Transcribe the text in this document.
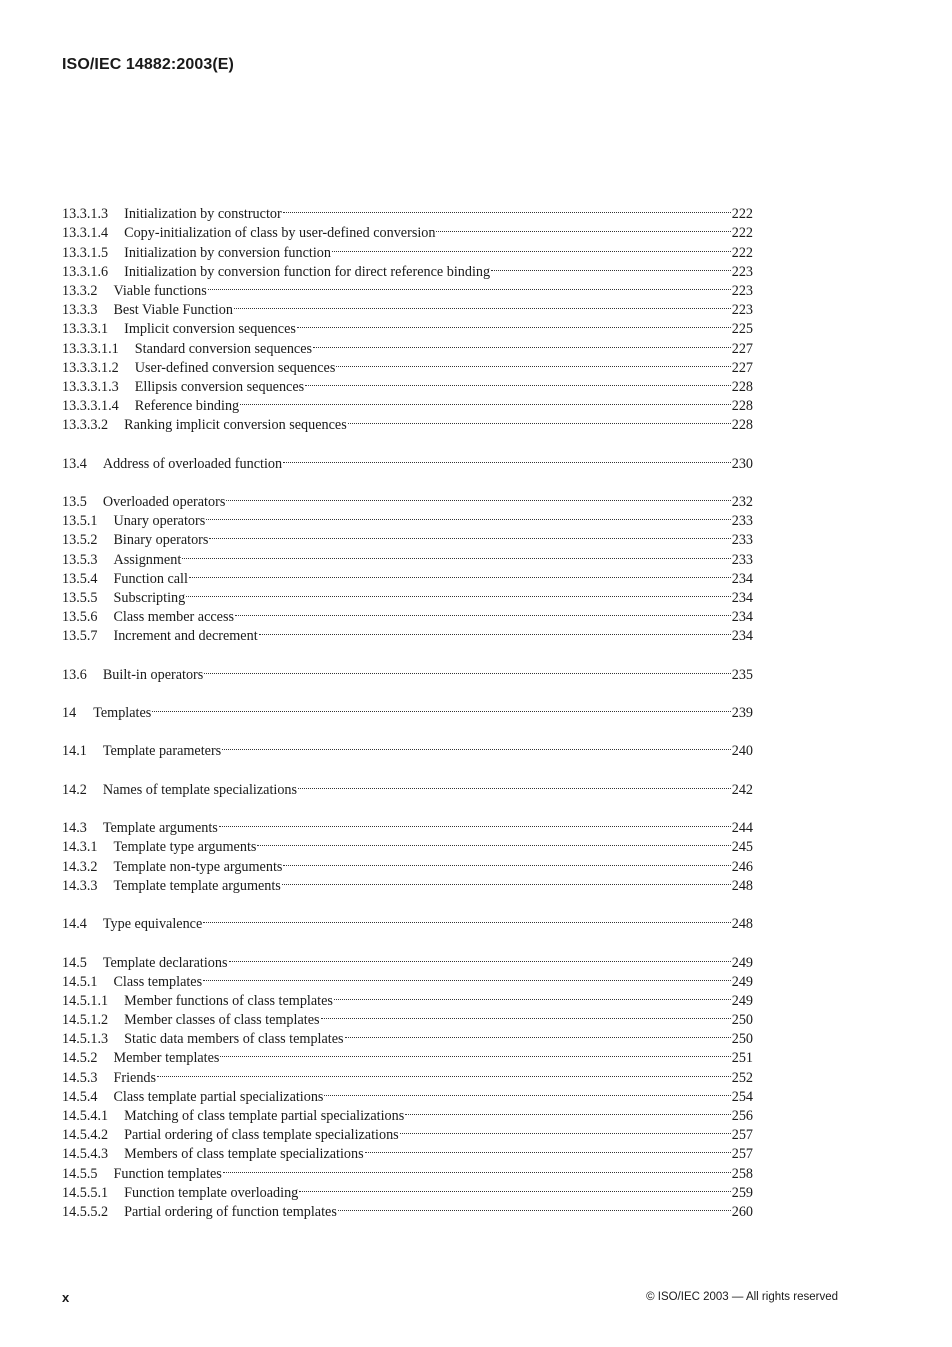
ISO/IEC 14882:2003(E)
13.3.1.3 Initialization by constructor	222
13.3.1.4 Copy-initialization of class by user-defined conversion	222
13.3.1.5 Initialization by conversion function	222
13.3.1.6 Initialization by conversion function for direct reference binding	223
13.3.2 Viable functions	223
13.3.3 Best Viable Function	223
13.3.3.1 Implicit conversion sequences	225
13.3.3.1.1 Standard conversion sequences	227
13.3.3.1.2 User-defined conversion sequences	227
13.3.3.1.3 Ellipsis conversion sequences	228
13.3.3.1.4 Reference binding	228
13.3.3.2 Ranking implicit conversion sequences	228
13.4 Address of overloaded function	230
13.5 Overloaded operators	232
13.5.1 Unary operators	233
13.5.2 Binary operators	233
13.5.3 Assignment	233
13.5.4 Function call	234
13.5.5 Subscripting	234
13.5.6 Class member access	234
13.5.7 Increment and decrement	234
13.6 Built-in operators	235
14 Templates	239
14.1 Template parameters	240
14.2 Names of template specializations	242
14.3 Template arguments	244
14.3.1 Template type arguments	245
14.3.2 Template non-type arguments	246
14.3.3 Template template arguments	248
14.4 Type equivalence	248
14.5 Template declarations	249
14.5.1 Class templates	249
14.5.1.1 Member functions of class templates	249
14.5.1.2 Member classes of class templates	250
14.5.1.3 Static data members of class templates	250
14.5.2 Member templates	251
14.5.3 Friends	252
14.5.4 Class template partial specializations	254
14.5.4.1 Matching of class template partial specializations	256
14.5.4.2 Partial ordering of class template specializations	257
14.5.4.3 Members of class template specializations	257
14.5.5 Function templates	258
14.5.5.1 Function template overloading	259
14.5.5.2 Partial ordering of function templates	260
x	© ISO/IEC 2003 — All rights reserved
